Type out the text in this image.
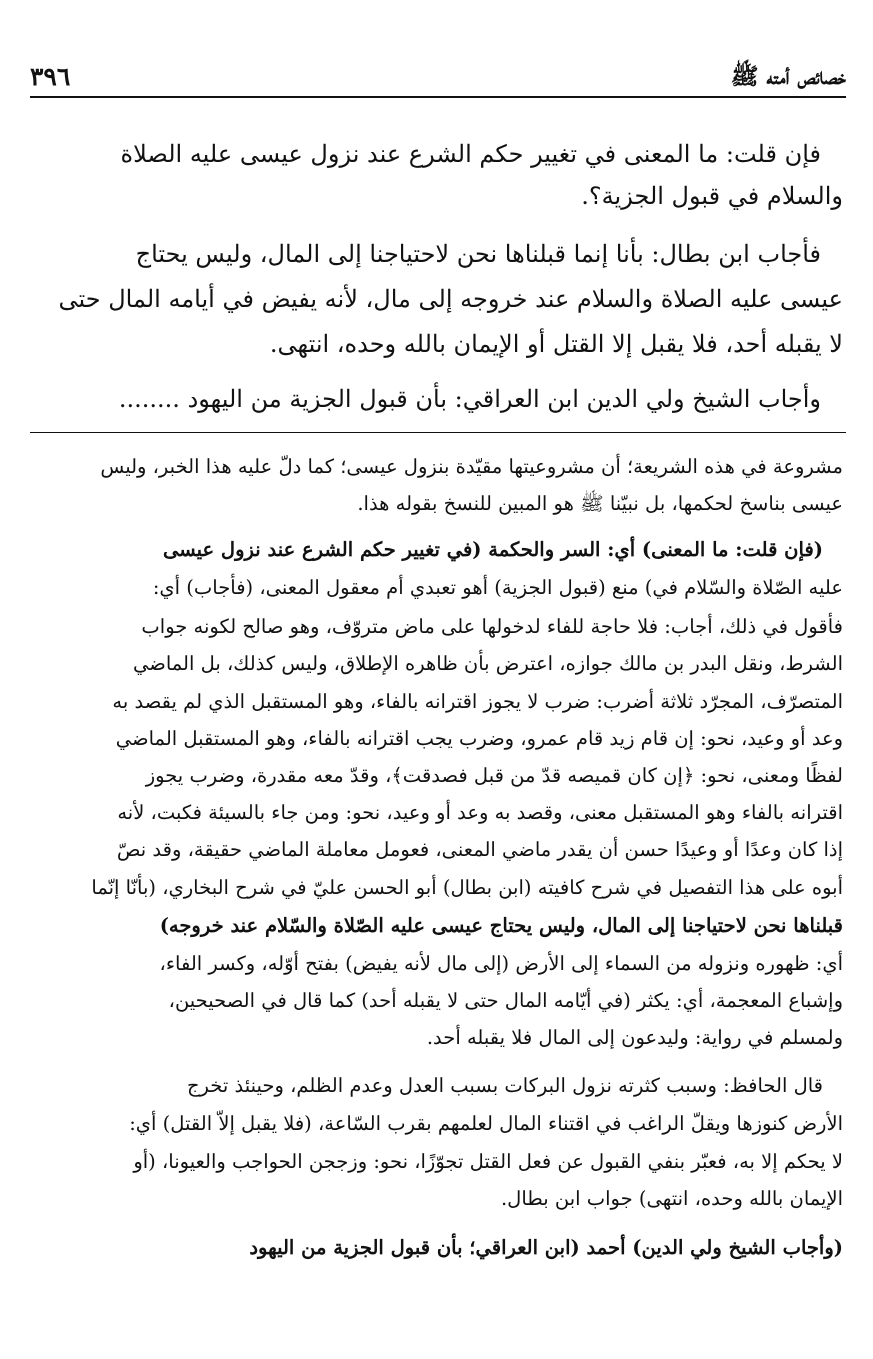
خصائص أمته ﷺ
٣٩٦
فإن قلت: ما المعنى في تغيير حكم الشرع عند نزول عيسى عليه الصلاة
والسلام في قبول الجزية؟.
فأجاب ابن بطال: بأنا إنما قبلناها نحن لاحتياجنا إلى المال، وليس يحتاج
عيسى عليه الصلاة والسلام عند خروجه إلى مال، لأنه يفيض في أيامه المال حتى
لا يقبله أحد، فلا يقبل إلا القتل أو الإيمان بالله وحده، انتهى.
وأجاب الشيخ ولي الدين ابن العراقي: بأن قبول الجزية من اليهود ........
مشروعة في هذه الشريعة؛ أن مشروعيتها مقيّدة بنزول عيسى؛ كما دلّ عليه هذا الخبر، وليس
عيسى بناسخ لحكمها، بل نبيّنا ﷺ هو المبين للنسخ بقوله هذا.
(فإن قلت: ما المعنى) أي: السر والحكمة (في تغيير حكم الشرع عند نزول عيسى
عليه الصّلاة والسّلام في) منع (قبول الجزية) أهو تعبدي أم معقول المعنى، (فأجاب) أي:
فأقول في ذلك، أجاب: فلا حاجة للفاء لدخولها على ماض متروّف، وهو صالح لكونه جواب
الشرط، ونقل البدر بن مالك جوازه، اعترض بأن ظاهره الإطلاق، وليس كذلك، بل الماضي
المتصرّف، المجرّد ثلاثة أضرب: ضرب لا يجوز اقترانه بالفاء، وهو المستقبل الذي لم يقصد به
وعد أو وعيد، نحو: إن قام زيد قام عمرو، وضرب يجب اقترانه بالفاء، وهو المستقبل الماضي
لفظًا ومعنى، نحو: ﴿إن كان قميصه قدّ من قبل فصدقت﴾، وقدّ معه مقدرة، وضرب يجوز
اقترانه بالفاء وهو المستقبل معنى، وقصد به وعد أو وعيد، نحو: ومن جاء بالسيئة فكبت، لأنه
إذا كان وعدًا أو وعيدًا حسن أن يقدر ماضي المعنى، فعومل معاملة الماضي حقيقة، وقد نصّ
أبوه على هذا التفصيل في شرح كافيته (ابن بطال) أبو الحسن عليّ في شرح البخاري، (بأنّا إنّما
قبلناها نحن لاحتياجنا إلى المال، وليس يحتاج عيسى عليه الصّلاة والسّلام عند خروجه)
أي: ظهوره ونزوله من السماء إلى الأرض (إلى مال لأنه يفيض) بفتح أوّله، وكسر الفاء،
وإشباع المعجمة، أي: يكثر (في أيّامه المال حتى لا يقبله أحد) كما قال في الصحيحين،
ولمسلم في رواية: وليدعون إلى المال فلا يقبله أحد.
قال الحافظ: وسبب كثرته نزول البركات بسبب العدل وعدم الظلم، وحينئذ تخرج
الأرض كنوزها ويقلّ الراغب في اقتناء المال لعلمهم بقرب السّاعة، (فلا يقبل إلاّ القتل) أي:
لا يحكم إلا به، فعبّر بنفي القبول عن فعل القتل تجوّزًا، نحو: وزججن الحواجب والعيونا، (أو
الإيمان بالله وحده، انتهى) جواب ابن بطال.
(وأجاب الشيخ ولي الدين) أحمد (ابن العراقي؛ بأن قبول الجزية من اليهود
